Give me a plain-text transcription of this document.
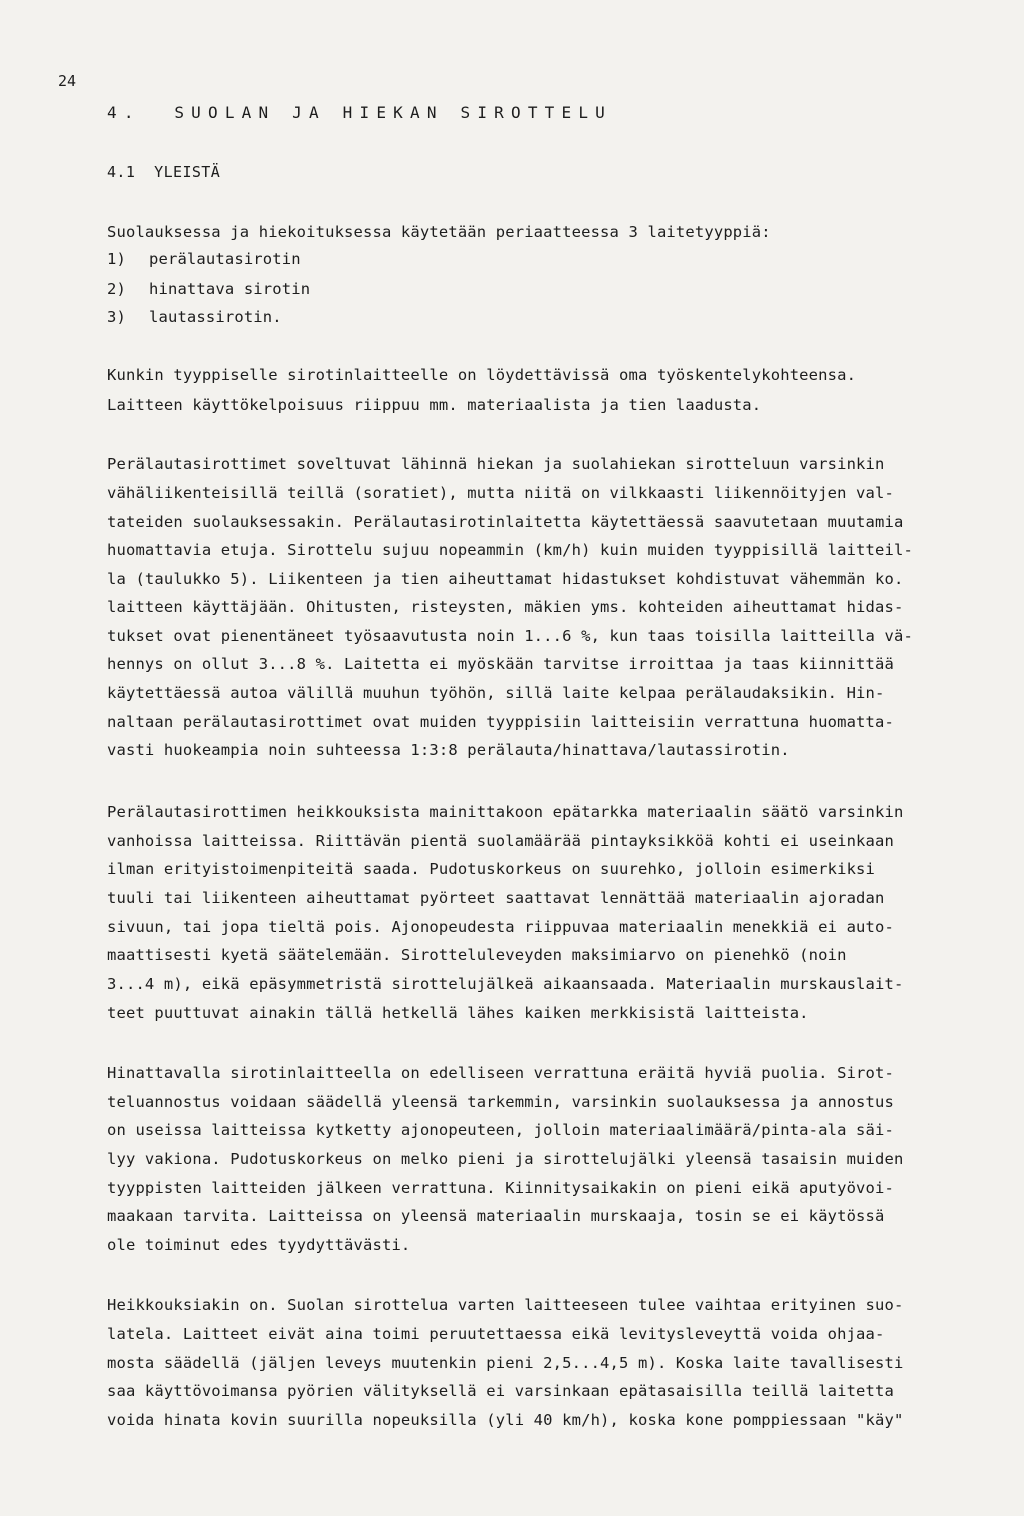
24
4.  SUOLAN JA HIEKAN SIROTTELU
4.1  YLEISTÄ
Suolauksessa ja hiekoituksessa käytetään periaatteessa 3 laitetyyppiä:
1) perälautasirotin
2) hinattava sirotin
3) lautassirotin.
Kunkin tyyppiselle sirotinlaitteelle on löydettävissä oma työskentelykohteensa.
Laitteen käyttökelpoisuus riippuu mm. materiaalista ja tien laadusta.
Perälautasirottimet soveltuvat lähinnä hiekan ja suolahiekan sirotteluun varsinkin
vähäliikenteisillä teillä (soratiet), mutta niitä on vilkkaasti liikennöityjen val-
tateiden suolauksessakin. Perälautasirotinlaitetta käytettäessä saavutetaan muutamia
huomattavia etuja. Sirottelu sujuu nopeammin (km/h) kuin muiden tyyppisillä laitteil-
la (taulukko 5). Liikenteen ja tien aiheuttamat hidastukset kohdistuvat vähemmän ko.
laitteen käyttäjään. Ohitusten, risteysten, mäkien yms. kohteiden aiheuttamat hidas-
tukset ovat pienentäneet työsaavutusta noin 1...6 %, kun taas toisilla laitteilla vä-
hennys on ollut 3...8 %. Laitetta ei myöskään tarvitse irroittaa ja taas kiinnittää
käytettäessä autoa välillä muuhun työhön, sillä laite kelpaa perälaudaksikin. Hin-
naltaan perälautasirottimet ovat muiden tyyppisiin laitteisiin verrattuna huomatta-
vasti huokeampia noin suhteessa 1:3:8 perälauta/hinattava/lautassirotin.
Perälautasirottimen heikkouksista mainittakoon epätarkka materiaalin säätö varsinkin
vanhoissa laitteissa. Riittävän pientä suolamäärää pintayksikköä kohti ei useinkaan
ilman erityistoimenpiteitä saada. Pudotuskorkeus on suurehko, jolloin esimerkiksi
tuuli tai liikenteen aiheuttamat pyörteet saattavat lennättää materiaalin ajoradan
sivuun, tai jopa tieltä pois. Ajonopeudesta riippuvaa materiaalin menekkiä ei auto-
maattisesti kyetä säätelemään. Sirotteluleveyden maksimiarvo on pienehkö (noin
3...4 m), eikä epäsymmetristä sirottelujälkeä aikaansaada. Materiaalin murskauslait-
teet puuttuvat ainakin tällä hetkellä lähes kaiken merkkisistä laitteista.
Hinattavalla sirotinlaitteella on edelliseen verrattuna eräitä hyviä puolia. Sirot-
teluannostus voidaan säädellä yleensä tarkemmin, varsinkin suolauksessa ja annostus
on useissa laitteissa kytketty ajonopeuteen, jolloin materiaalimäärä/pinta-ala säi-
lyy vakiona. Pudotuskorkeus on melko pieni ja sirottelujälki yleensä tasaisin muiden
tyyppisten laitteiden jälkeen verrattuna. Kiinnitysaikakin on pieni eikä aputyövoi-
maakaan tarvita. Laitteissa on yleensä materiaalin murskaaja, tosin se ei käytössä
ole toiminut edes tyydyttävästi.
Heikkouksiakin on. Suolan sirottelua varten laitteeseen tulee vaihtaa erityinen suo-
latela. Laitteet eivät aina toimi peruutettaessa eikä levitysleveyttä voida ohjaa-
mosta säädellä (jäljen leveys muutenkin pieni 2,5...4,5 m). Koska laite tavallisesti
saa käyttövoimansa pyörien välityksellä ei varsinkaan epätasaisilla teillä laitetta
voida hinata kovin suurilla nopeuksilla (yli 40 km/h), koska kone pomppiessaan "käy"
